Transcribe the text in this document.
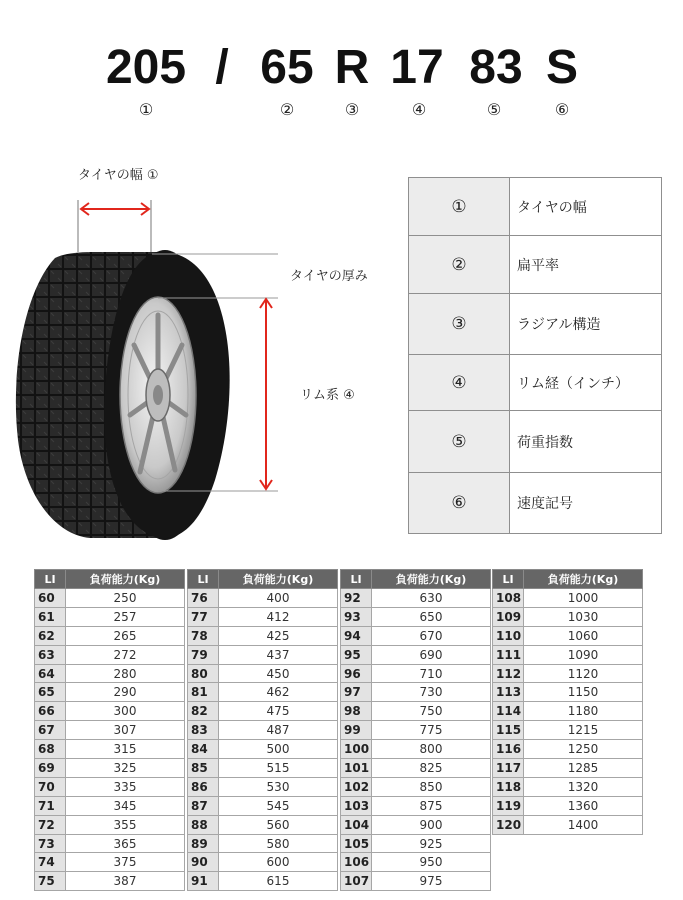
205 / 65 R 17 83 S
①	②	③	④	⑤	⑥
タイヤの幅 ①
タイヤの厚み
リム系 ④
①	タイヤの幅
②	扁平率
③	ラジアル構造
④	リム経（インチ）
⑤	荷重指数
⑥	速度記号
LI	負荷能力(Kg)
60	250
61	257
62	265
63	272
64	280
65	290
66	300
67	307
68	315
69	325
70	335
71	345
72	355
73	365
74	375
75	387
LI	負荷能力(Kg)
76	400
77	412
78	425
79	437
80	450
81	462
82	475
83	487
84	500
85	515
86	530
87	545
88	560
89	580
90	600
91	615
LI	負荷能力(Kg)
92	630
93	650
94	670
95	690
96	710
97	730
98	750
99	775
100	800
101	825
102	850
103	875
104	900
105	925
106	950
107	975
LI	負荷能力(Kg)
108	1000
109	1030
110	1060
111	1090
112	1120
113	1150
114	1180
115	1215
116	1250
117	1285
118	1320
119	1360
120	1400
